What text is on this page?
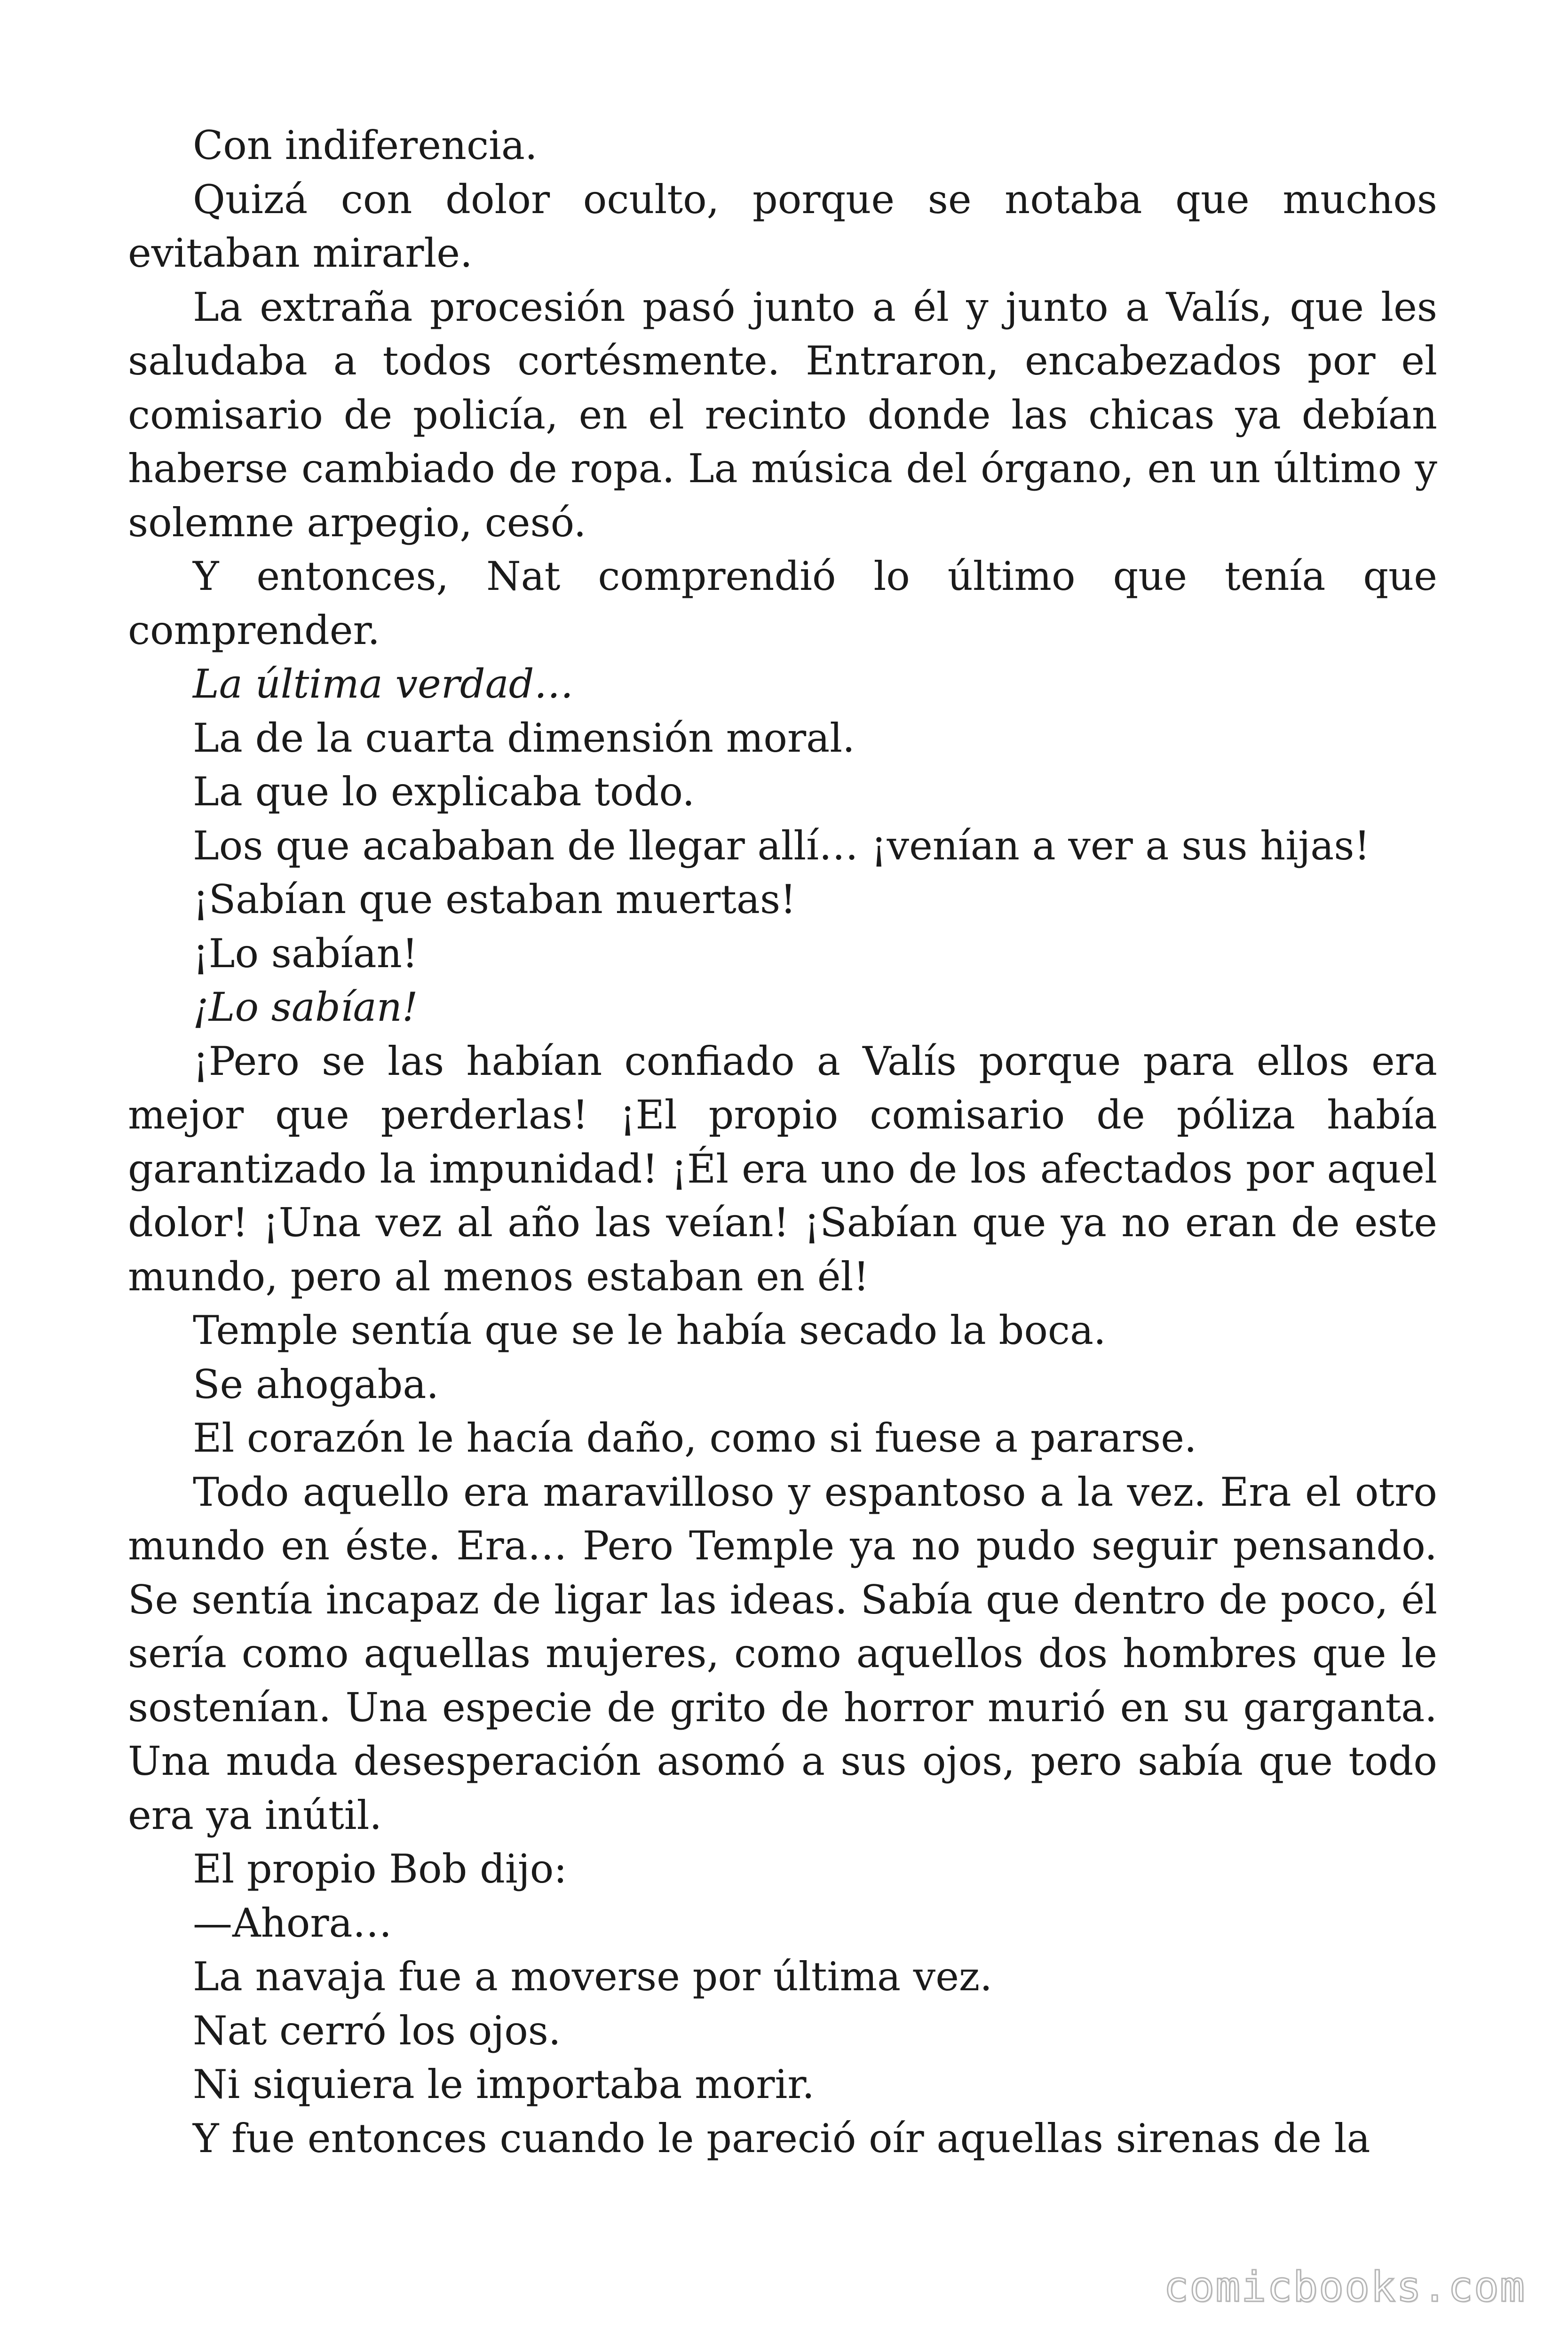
Con indiferencia.

Quizá con dolor oculto, porque se notaba que muchos evitaban mirarle.

La extraña procesión pasó junto a él y junto a Valís, que les saludaba a todos cortésmente. Entraron, encabezados por el comisario de policía, en el recinto donde las chicas ya debían haberse cambiado de ropa. La música del órgano, en un último y solemne arpegio, cesó.

Y entonces, Nat comprendió lo último que tenía que comprender.

La última verdad…

La de la cuarta dimensión moral.

La que lo explicaba todo.

Los que acababan de llegar allí… ¡venían a ver a sus hijas!

¡Sabían que estaban muertas!

¡Lo sabían!

¡Lo sabían!

¡Pero se las habían confiado a Valís porque para ellos era mejor que perderlas! ¡El propio comisario de póliza había garantizado la impunidad! ¡Él era uno de los afectados por aquel dolor! ¡Una vez al año las veían! ¡Sabían que ya no eran de este mundo, pero al menos estaban en él!

Temple sentía que se le había secado la boca.

Se ahogaba.

El corazón le hacía daño, como si fuese a pararse.

Todo aquello era maravilloso y espantoso a la vez. Era el otro mundo en éste. Era… Pero Temple ya no pudo seguir pensando. Se sentía incapaz de ligar las ideas. Sabía que dentro de poco, él sería como aquellas mujeres, como aquellos dos hombres que le sostenían. Una especie de grito de horror murió en su garganta. Una muda desesperación asomó a sus ojos, pero sabía que todo era ya inútil.

El propio Bob dijo:

—Ahora…

La navaja fue a moverse por última vez.

Nat cerró los ojos.

Ni siquiera le importaba morir.

Y fue entonces cuando le pareció oír aquellas sirenas de la

comicbooks.com
